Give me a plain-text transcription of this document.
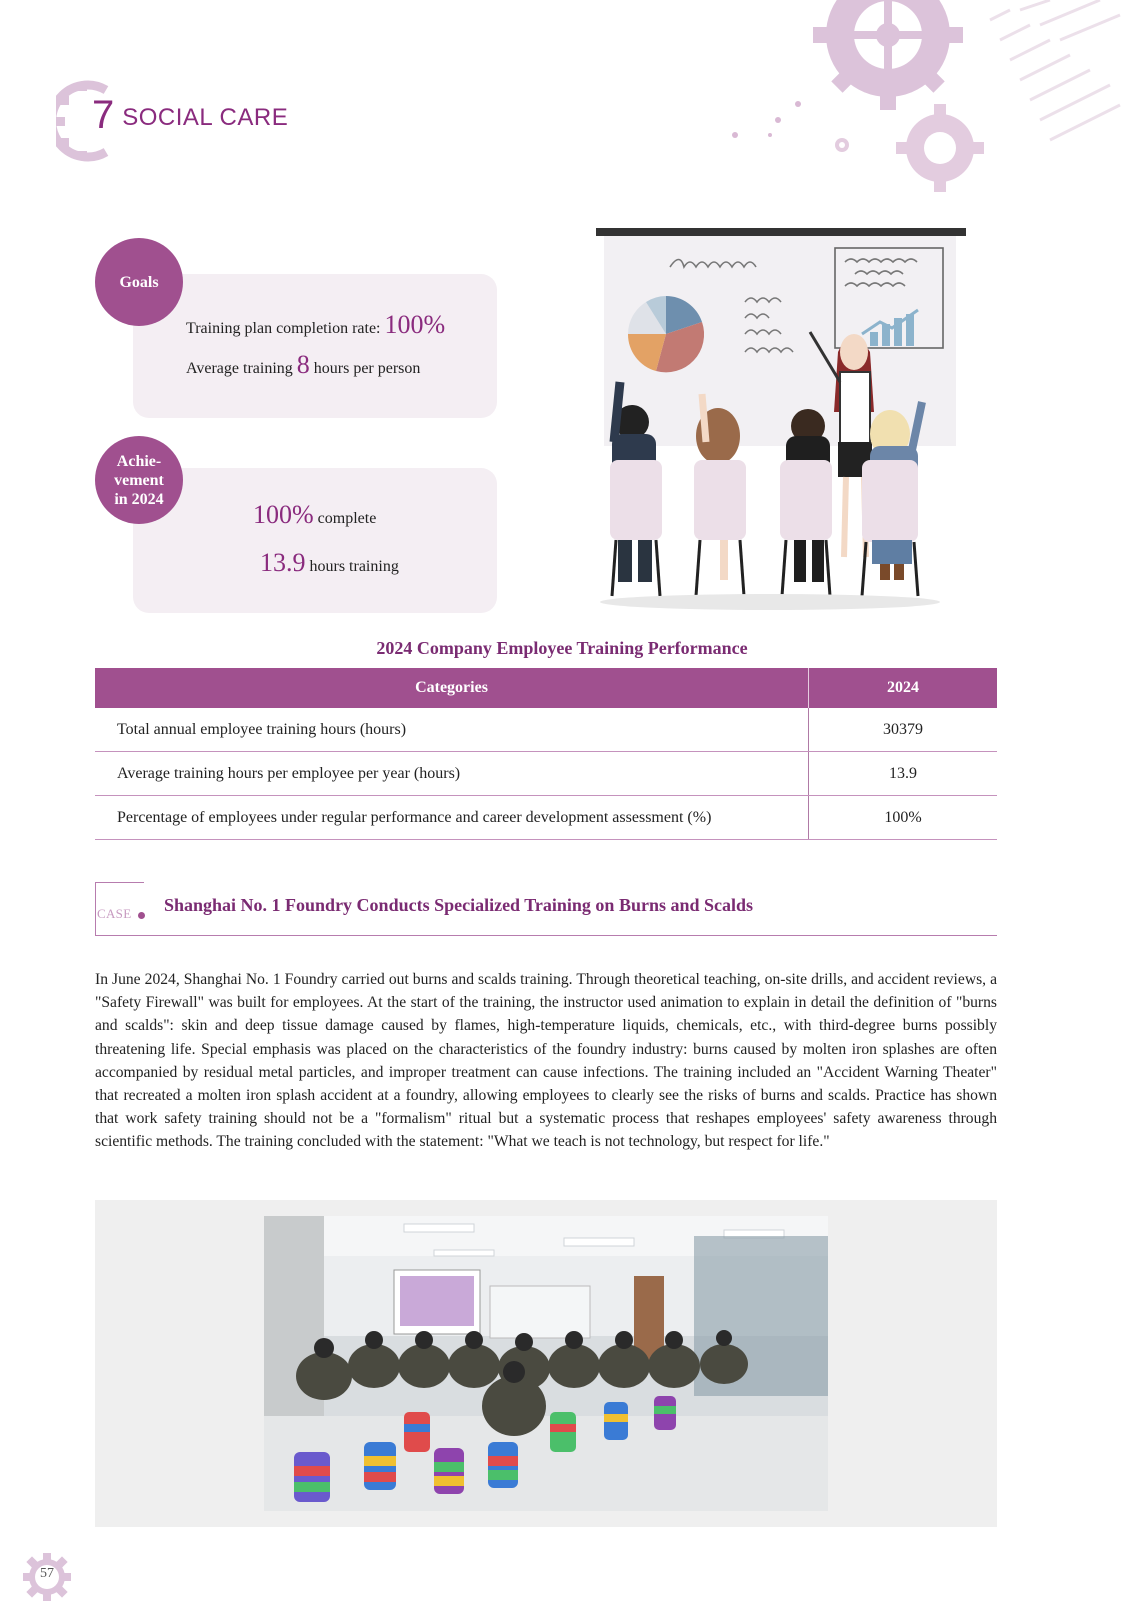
7 SOCIAL CARE
Goals
Training plan completion rate: 100%
Average training 8 hours per person
Achie-
vement
in 2024
100% complete
13.9 hours training
2024 Company Employee Training Performance
Categories	2024
Total annual employee training hours (hours)	30379
Average training hours per employee per year (hours)	13.9
Percentage of employees under regular performance and career development assessment (%)	100%
CASE Shanghai No. 1 Foundry Conducts Specialized Training on Burns and Scalds
In June 2024, Shanghai No. 1 Foundry carried out burns and scalds training. Through theoretical teaching, on-site drills, and accident reviews, a "Safety Firewall" was built for employees. At the start of the training, the instructor used animation to explain in detail the definition of "burns and scalds": skin and deep tissue damage caused by flames, high-temperature liquids, chemicals, etc., with third-degree burns possibly threatening life. Special emphasis was placed on the characteristics of the foundry industry: burns caused by molten iron splashes are often accompanied by residual metal particles, and improper treatment can cause infections. The training included an "Accident Warning Theater" that recreated a molten iron splash accident at a foundry, allowing employees to clearly see the risks of burns and scalds. Practice has shown that work safety training should not be a "formalism" ritual but a systematic process that reshapes employees' safety awareness through scientific methods. The training concluded with the statement: "What we teach is not technology, but respect for life."
57
